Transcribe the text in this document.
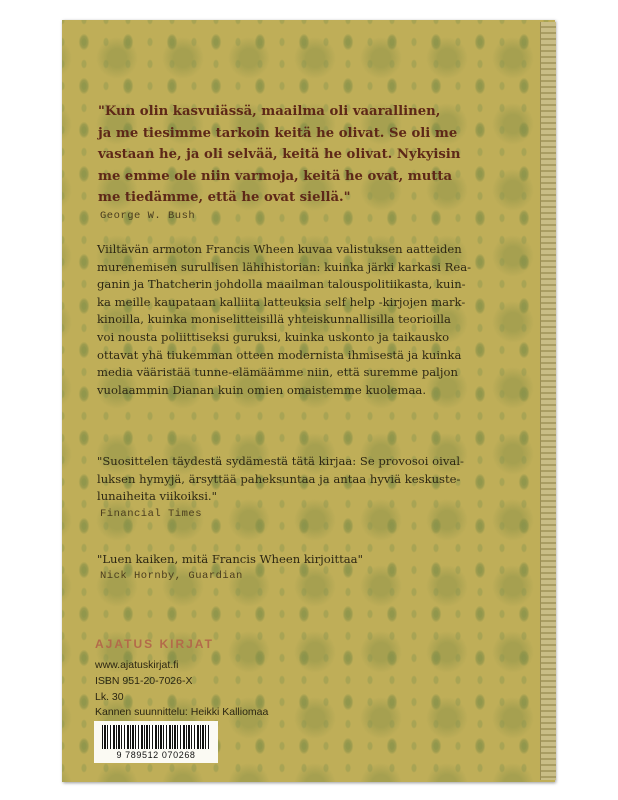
"Kun olin kasvuiässä, maailma oli vaarallinen,
ja me tiesimme tarkoin keitä he olivat. Se oli me
vastaan he, ja oli selvää, keitä he olivat. Nykyisin
me emme ole niin varmoja, keitä he ovat, mutta
me tiedämme, että he ovat siellä."
George W. Bush
Viiltävän armoton Francis Wheen kuvaa valistuksen aatteiden
murenemisen surullisen lähihistorian: kuinka järki karkasi Rea-
ganin ja Thatcherin johdolla maailman talouspolitiikasta, kuin-
ka meille kaupataan kalliita latteuksia self help -kirjojen mark-
kinoilla, kuinka moniselitteisillä yhteiskunnallisilla teorioilla
voi nousta poliittiseksi guruksi, kuinka uskonto ja taikausko
ottavat yhä tiukemman otteen modernista ihmisestä ja kuinka
media vääristää tunne-elämäämme niin, että suremme paljon
vuolaammin Dianan kuin omien omaistemme kuolemaa.
"Suosittelen täydestä sydämestä tätä kirjaa: Se provosoi oival-
luksen hymyjä, ärsyttää paheksuntaa ja antaa hyviä keskuste-
lunaiheita viikoiksi."
Financial Times
"Luen kaiken, mitä Francis Wheen kirjoittaa"
Nick Hornby, Guardian
AJATUS KIRJAT
www.ajatuskirjat.fi
ISBN 951-20-7026-X
Lk. 30
Kannen suunnittelu: Heikki Kalliomaa
9 789512 070268
